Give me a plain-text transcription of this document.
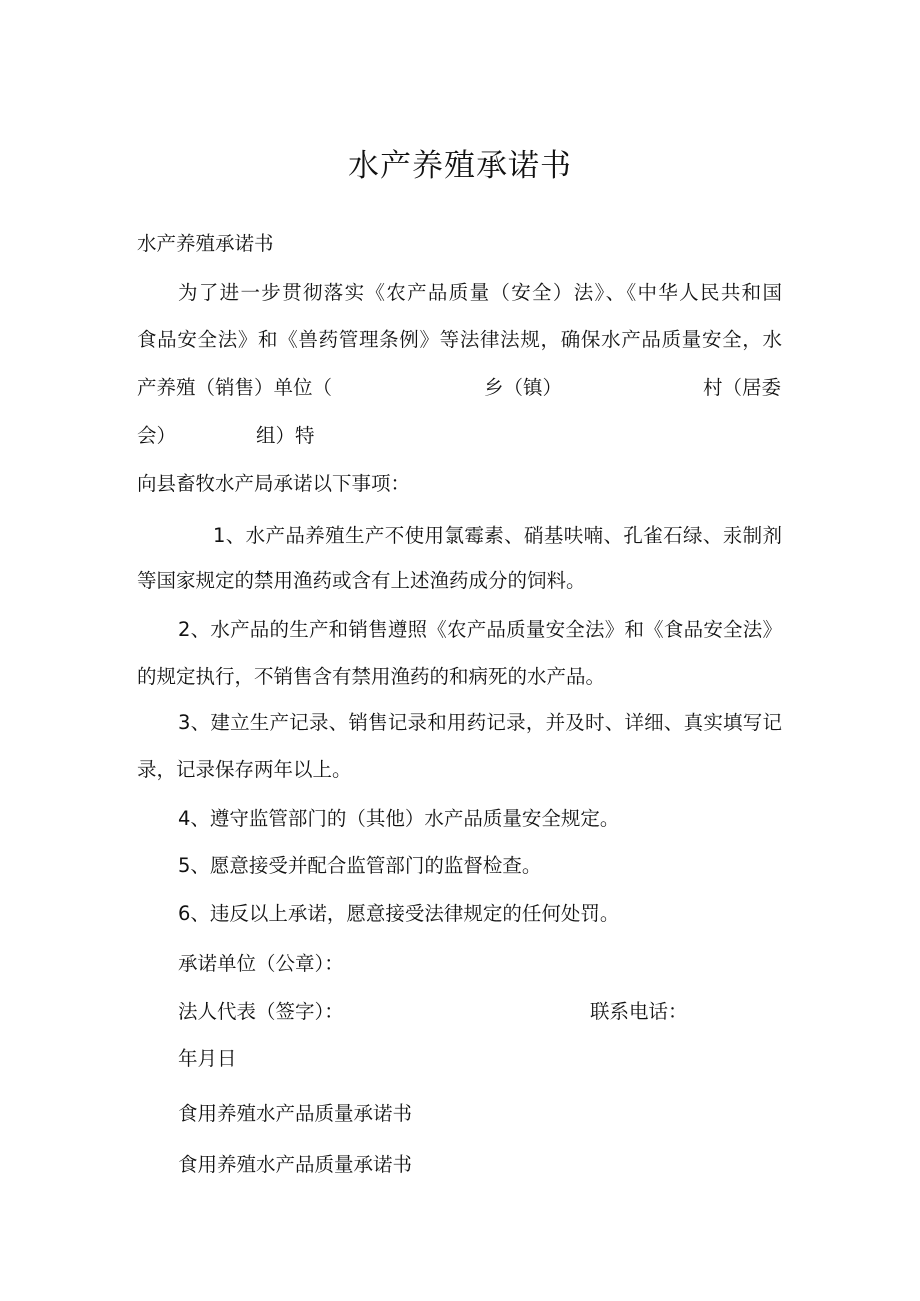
水产养殖承诺书
水产养殖承诺书
为了进一步贯彻落实《农产品质量（安全）法》、《中华人民共和国
食品安全法》和《兽药管理条例》等法律法规，确保水产品质量安全，水
产养殖（销售）单位（	乡（镇）	村（居委
会）	组）特
向县畜牧水产局承诺以下事项：
1、水产品养殖生产不使用氯霉素、硝基呋喃、孔雀石绿、汞制剂
等国家规定的禁用渔药或含有上述渔药成分的饲料。
2、水产品的生产和销售遵照《农产品质量安全法》和《食品安全法》
的规定执行，不销售含有禁用渔药的和病死的水产品。
3、建立生产记录、销售记录和用药记录，并及时、详细、真实填写记
录，记录保存两年以上。
4、遵守监管部门的（其他）水产品质量安全规定。
5、愿意接受并配合监管部门的监督检查。
6、违反以上承诺，愿意接受法律规定的任何处罚。
承诺单位（公章）：
法人代表（签字）：	联系电话：
年月日
食用养殖水产品质量承诺书
食用养殖水产品质量承诺书
